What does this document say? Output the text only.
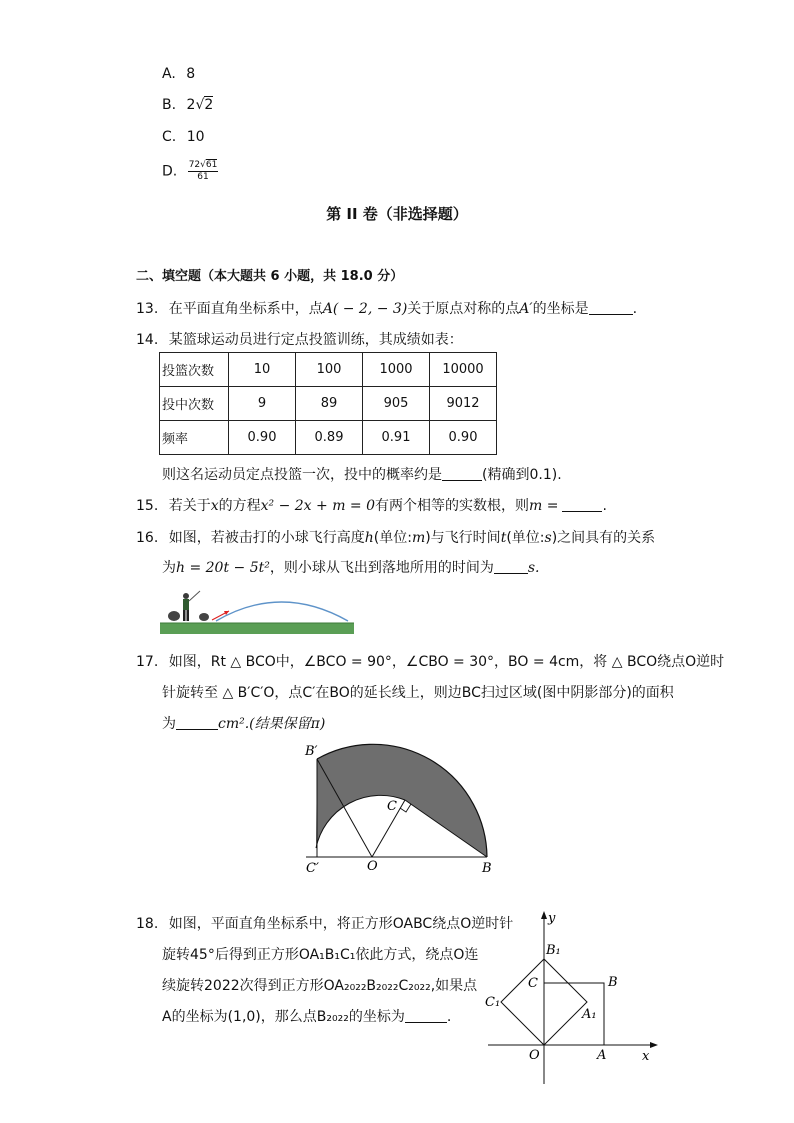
A. 8
B. 2√2
C. 10
D. $\frac{72√61}{61}$
第 II 卷（非选择题）
二、填空题（本大题共 6 小题，共 18.0 分）
13. 在平面直角坐标系中，点A( − 2, − 3)关于原点对称的点A′的坐标是	.
14. 某篮球运动员进行定点投篮训练，其成绩如表：
投篮次数	10	100	1000	10000
投中次数	9	89	905	9012
频率	0.90	0.89	0.91	0.90
则这名运动员定点投篮一次，投中的概率约是	(精确到0.1).
15. 若关于x的方程x² − 2x + m = 0有两个相等的实数根，则m =	.
16. 如图，若被击打的小球飞行高度h(单位:m)与飞行时间t(单位:s)之间具有的关系
为h = 20t − 5t²，则小球从飞出到落地所用的时间为 s.
17. 如图，Rt △ BCO中，∠BCO = 90°，∠CBO = 30°，BO = 4cm，将 △ BCO绕点O逆时
针旋转至 △ B′C′O，点C′在BO的延长线上，则边BC扫过区域(图中阴影部分)的面积
为	cm².(结果保留π)
B′
C
C′	O	B
18. 如图，平面直角坐标系中，将正方形OABC绕点O逆时针
旋转45°后得到正方形OA₁B₁C₁依此方式，绕点O连
续旋转2022次得到正方形OA₂₀₂₂B₂₀₂₂C₂₀₂₂,如果点
A的坐标为(1,0)，那么点B₂₀₂₂的坐标为	.
y
x
B₁
C	B
C₁
A₁
O	A
